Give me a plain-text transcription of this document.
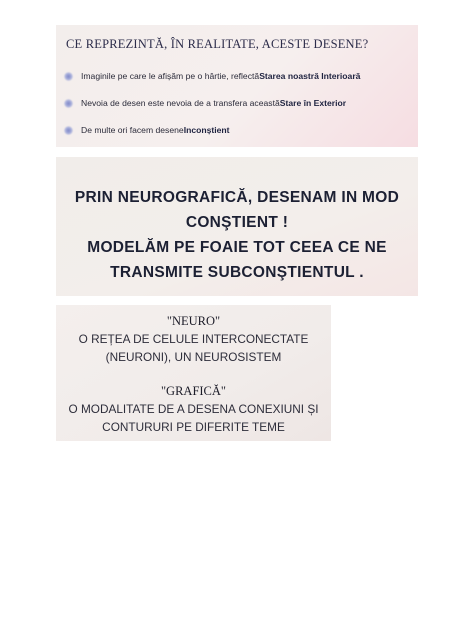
CE REPREZINTĂ, ÎN REALITATE, ACESTE DESENE?
Imaginile pe care le afișăm pe o hârtie, reflectă Starea noastră Interioară
Nevoia de desen este nevoia de a transfera această Stare în Exterior
De multe ori facem desene Inconștient
PRIN NEUROGRAFICĂ, DESENAM IN MOD
CONŞTIENT !
MODELĂM PE FOAIE TOT CEEA CE NE
TRANSMITE SUBCONŞTIENTUL .
"NEURO"
O REȚEA DE CELULE INTERCONECTATE
(NEURONI), UN NEUROSISTEM
"GRAFICĂ"
O MODALITATE DE A DESENA CONEXIUNI ȘI
CONTURURI PE DIFERITE TEME
